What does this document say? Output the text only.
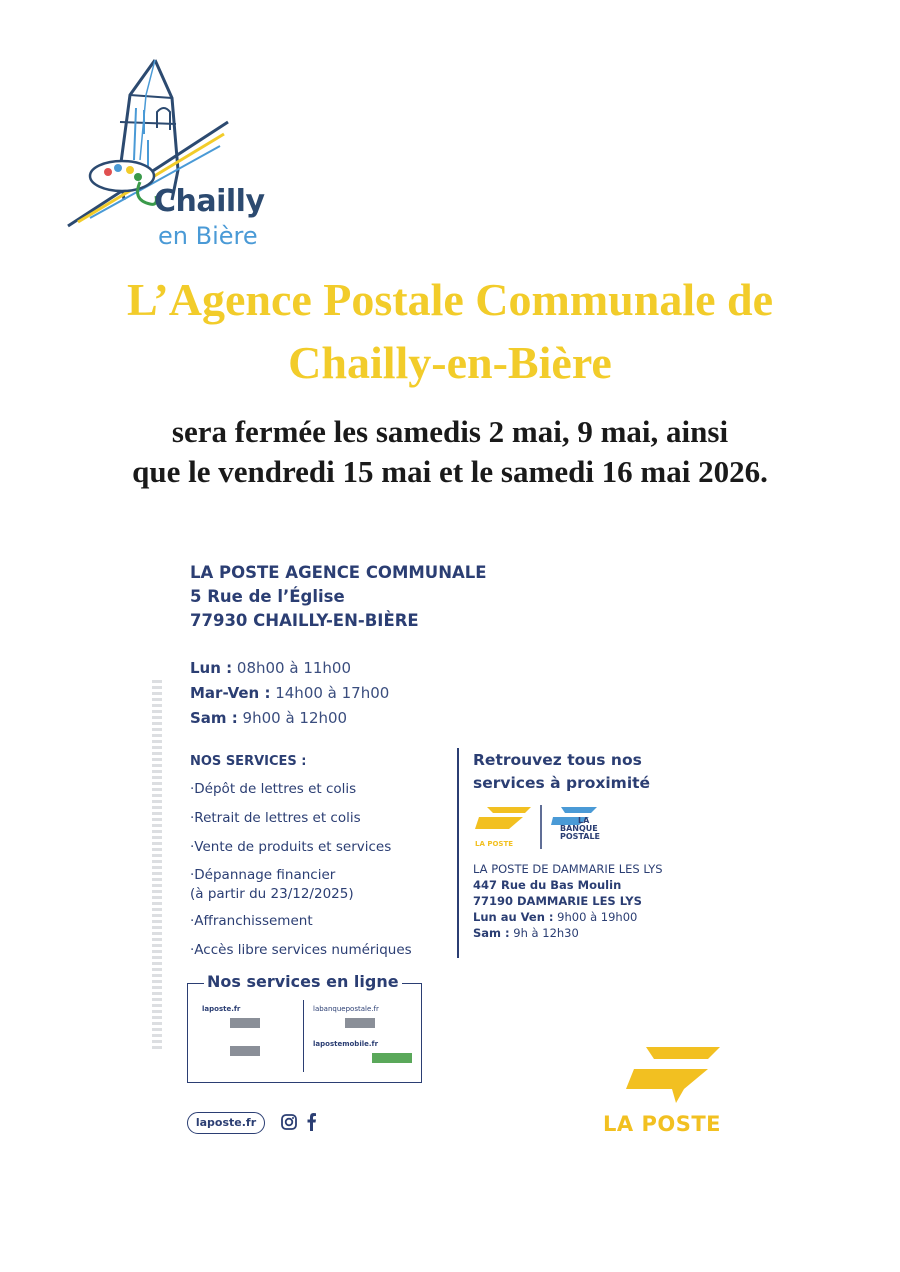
Chailly
en Bière
L’Agence Postale Communale de
Chailly-en-Bière
sera fermée les samedis 2 mai, 9 mai, ainsi
que le vendredi 15 mai et le samedi 16 mai 2026.
LA POSTE AGENCE COMMUNALE
5 Rue de l’Église
77930 CHAILLY-EN-BIÈRE
Lun : 08h00 à 11h00
Mar-Ven : 14h00 à 17h00
Sam : 9h00 à 12h00
NOS SERVICES :
·Dépôt de lettres et colis
·Retrait de lettres et colis
·Vente de produits et services
·Dépannage financier
(à partir du 23/12/2025)
·Affranchissement
·Accès libre services numériques
Retrouvez tous nos
services à proximité
LA POSTE
LA
BANQUE
POSTALE
LA POSTE DE DAMMARIE LES LYS
447 Rue du Bas Moulin
77190 DAMMARIE LES LYS
Lun au Ven : 9h00 à 19h00
Sam : 9h à 12h30
Nos services en ligne
laposte.fr	labanquepostale.fr
lapostemobile.fr
laposte.fr	LA POSTE
